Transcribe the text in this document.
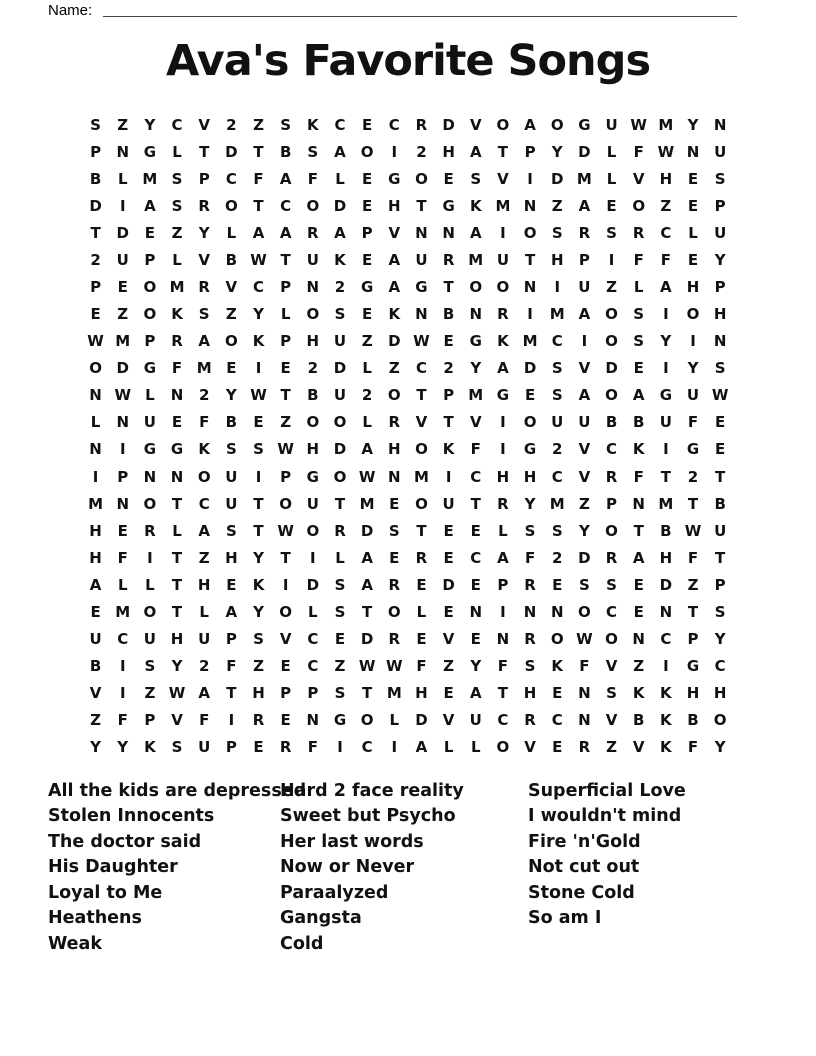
Name:
Ava's Favorite Songs
S	Z	Y	C	V	2	Z	S	K	C	E	C	R	D	V O A O G U W M Y	N
P	N G	L	T	D	T	B	S	A O	I	2	H	A	T	P	Y	D	L	F W N U
B	L M S	P	C	F	A	F	L	E	G O	E	S	V	I	D M L	V	H	E	S
D	I	A	S	R O	T	C	O D	E	H	T	G	K M N	Z	A	E	O	Z	E	P
T	D	E	Z	Y	L	A	A	R	A	P	V	N N	A	I	O	S	R	S	R	C	L	U
2	U	P	L	V	B W T	U	K	E	A	U	R M U	T	H	P	I	F	F	E	Y
P	E	O M R	V	C	P	N	2	G	A	G	T	O O N	I	U	Z	L	A	H	P
E	Z	O K	S	Z	Y	L	O	S	E	K	N	B	N	R	I	M A O	S	I	O H
W M P	R	A O K	P	H U	Z	D W E	G	K M C	I	O	S	Y	I	N
O D G	F M E	I	E	2	D	L	Z	C	2	Y	A	D	S	V	D	E	I	Y	S
N W L	N	2	Y W T	B	U	2	O	T	P M G	E	S	A O A	G U W
L	N U	E	F	B	E	Z	O O	L	R	V	T	V	I	O U U	B	B	U	F	E
N	I	G G	K	S	S W H D	A	H O K	F	I	G	2	V	C	K	I	G	E
I	P	N N O U	I	P	G O W N M	I	C	H H	C	V	R	F	T	2	T
M N O	T	C	U	T	O U	T M E	O U	T	R	Y M Z	P	N M T	B
H	E	R	L	A	S	T W O	R	D	S	T	E	E	L	S	S	Y	O	T	B W U
H	F	I	T	Z	H	Y	T	I	L	A	E	R	E	C	A	F	2	D	R	A	H	F	T
A	L	L	T	H	E	K	I	D	S	A	R	E	D	E	P	R	E	S	S	E	D	Z	P
E M O	T	L	A	Y	O	L	S	T	O	L	E	N	I	N N O	C	E	N	T	S
U	C	U H U	P	S	V	C	E	D	R	E	V	E	N	R O W O N	C	P	Y
B	I	S	Y	2	F	Z	E	C	Z W W F	Z	Y	F	S	K	F	V	Z	I	G	C
V	I	Z W A	T	H	P	P	S	T M H	E	A	T	H	E	N	S	K	K	H H
Z	F	P	V	F	I	R	E	N G O	L	D	V	U	C	R	C	N	V	B	K	B	O
Y	Y	K	S	U	P	E	R	F	I	C	I	A	L	L	O V	E	R	Z	V	K	F	Y
All the kids are depressed
Stolen Innocents
The doctor said
His Daughter
Loyal to Me
Heathens
Weak
Hard 2 face reality
Sweet but Psycho
Her last words
Now or Never
Paraalyzed
Gangsta
Cold
Superficial Love
I wouldn't mind
Fire 'n'Gold
Not cut out
Stone Cold
So am I
